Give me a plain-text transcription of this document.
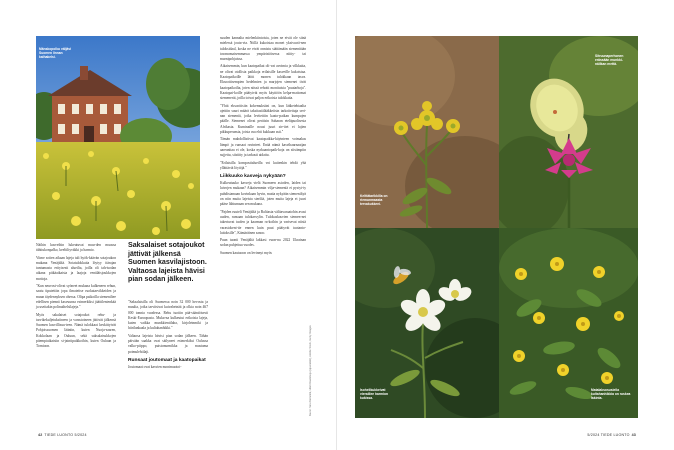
Mänskopolku väljävi Suomen linnan kalhakelsi.

Näihin kasveihin lukeutuvat muu-den muassa tähtiukonpalko, keeltiltyväkki ja harmio.

Viime sotien aikaan lajeja tuli hyök-käävän sotajoukon mukana Venäjältä. Sotatulokkaita löytyy itärajan tuntumasta erityisesti alueilta, joilla oli talvisodan aikana pitkäaikaisia ja laajoja venäläisjoukkojen mottoja.

"Kun neuvost-olivat syöneet mukana kulkeneen rehun, saatu tiputettiin jopa ilmateitse ruokatarvikkeiden ja muun täydennyksen ohessa. Olipa paikoilla siemeniltee edellisen piennä kasvuunsa esimerkiksi jäättilentenkää ja useitakin polinuihelsilajeja."

Myös sakalaiset sotajoukot rehu- ja tarvikekuljetuksiineen ja varastoineen jättivät jälkensä Suomen kasvillisuu-teen. Nämä tulokkaat keskittyivät Pohjoissuomen lääniin, kuten Nuoja-saaren, Kokkolaan ja Ouluun, sekä saksalaisukkojen pitempiaikaisiin si-jaintipaikkoihin, kuten Ouluun ja Tornioon.

Saksalaiset sotajoukot jättivät jälkensä Suomen kasvilajistoon. Valtaosa lajeista hävisi pian sodan jälkeen.

"Saksalaisilla oli Suomessa noin 32 000 hevosta ja muulia, jotka tarvitsivat kuivaheinää ja olkia noin 467 000 tonnia vuodessa. Rehu tuotiin pää-sääntöisesti Keski-Euroopasta. Muka-na kulkeutui erikoisia lajeja, kuten vaikka munkkientilaba, kirjoleinmiki ja hiirilankaala ja kultahanhikki."

Valtaosa lajeista hävisi pian sodan jälkeen. Tähän päivään saakka ovat säilyneet esimerkiksi Oulussa valko-piippo, puistonurmikka ja mustama poimulehtilaji.

Runsaat joutomaat ja kaatopaikat

Joutomaat ovat kasvien monimuotoi-

suuden kannalta mielenkiintoisia, joten ne eivät ole siinä mielessä jouta-via. Niillä kukoistaa monet yksivuoti-nen taloksidaal, koska ne eivät onnistu siättämään siemenitään tavanomaisemmassa ympäristöisessa niitty- tai murnipohjaissa.

Aikaisemmin, kun kaatopaikat oli-vat avoimia ja vilkkaita, ne olivat otollisia paikkoja erilaisille kasveille kukoistaa. Kaatopaikoille läitti monen tulokkaan tasva. Eksoottisempien hedelmien ja marjojen siemenet tivät kaatopaikoilta, joten niissä rehotti monituisia "puutarhoja". Kaatopai-koille päätyivät myös käyttöön kelpa-mattomat siemenerät, joilla toivat paljon erikoisia tulokkaita.

"Yhtä eksoottisiin kokemuksiini on, kun lääketehtaalta ajettiin suuri määrä taksitasiälääkkeiisin tarkoitettuja seri-nan siemeniä, jotka levitettiin kaato-paikan kumpujen päälle. Siemenet olivat peräisin Saharan eteläpuolisesta Afrikasta. Kuminaille nousi juuri sie-itet ei lajien pikkuperunsia, joista osa ehti kukkaan asti."

Tämän mahdollistivat kaatopaikka-käytnteen voimakas lämpö ja runsaat ravinteet. Enää nämä kasvihaarnaatjan aareanitaa ei ole, koska nyrkaantopaik-koja on siistimpiin sujjettu, siistitty ja tarkasti aidattu.

"Erilaisilla kompostialueilla voi kuitenkin tehdä yhä yllättäviä löytöjä."

Liikkuuko kasveja nykyään?

Kulkeutuuko kasveja vielä Suomeen asioden, laiden tai laivojen mukaan? Aikaisemmin vilja-siemeniä ei pystyt-ty puhdistamaan kovinkaan hyvin, mutta nykyään siemeniltyä on niin muita lajeista steriliä, joten muita lajeja ei juuri pääse lähtumaan sen mukana.

"Pajden ruuteli Venäjältä ja Baltiasta välitavaraatohin avasi uuden, runsaan tulokasvylin. Tulokaskasvien siemen-net takertuvat tuolen ja kaarman ra-koihin ja varisevat niistä varastokent-tie ennen kuin puut päätyvät tuotanto-laitoksille", Kämäräinen sanoo.

Puun tuonti Venäjältä lakkasi vuon-na 2022 Ukrainan sodan puhjettua vuodes.

Suomen kautuoon on levinnyt myös

Kuvat: Satu Kemmilä, Hilari Kaarelsoju (ajoetaikki), Adobe Stock, Getty Images
42 TIEDE LUONTO 5/2024
Kelttätarikkilla on riemunmaasta tervakukkeni.
Sitruunaperhonen erässään munkki-näilkan mettä.
Isohelikukkeivat vieraillee harmion kukissa.
Matalaksosusiella kultahanhikkia on ruskea lakinta.
5/2024 TIEDE LUONTO 43
